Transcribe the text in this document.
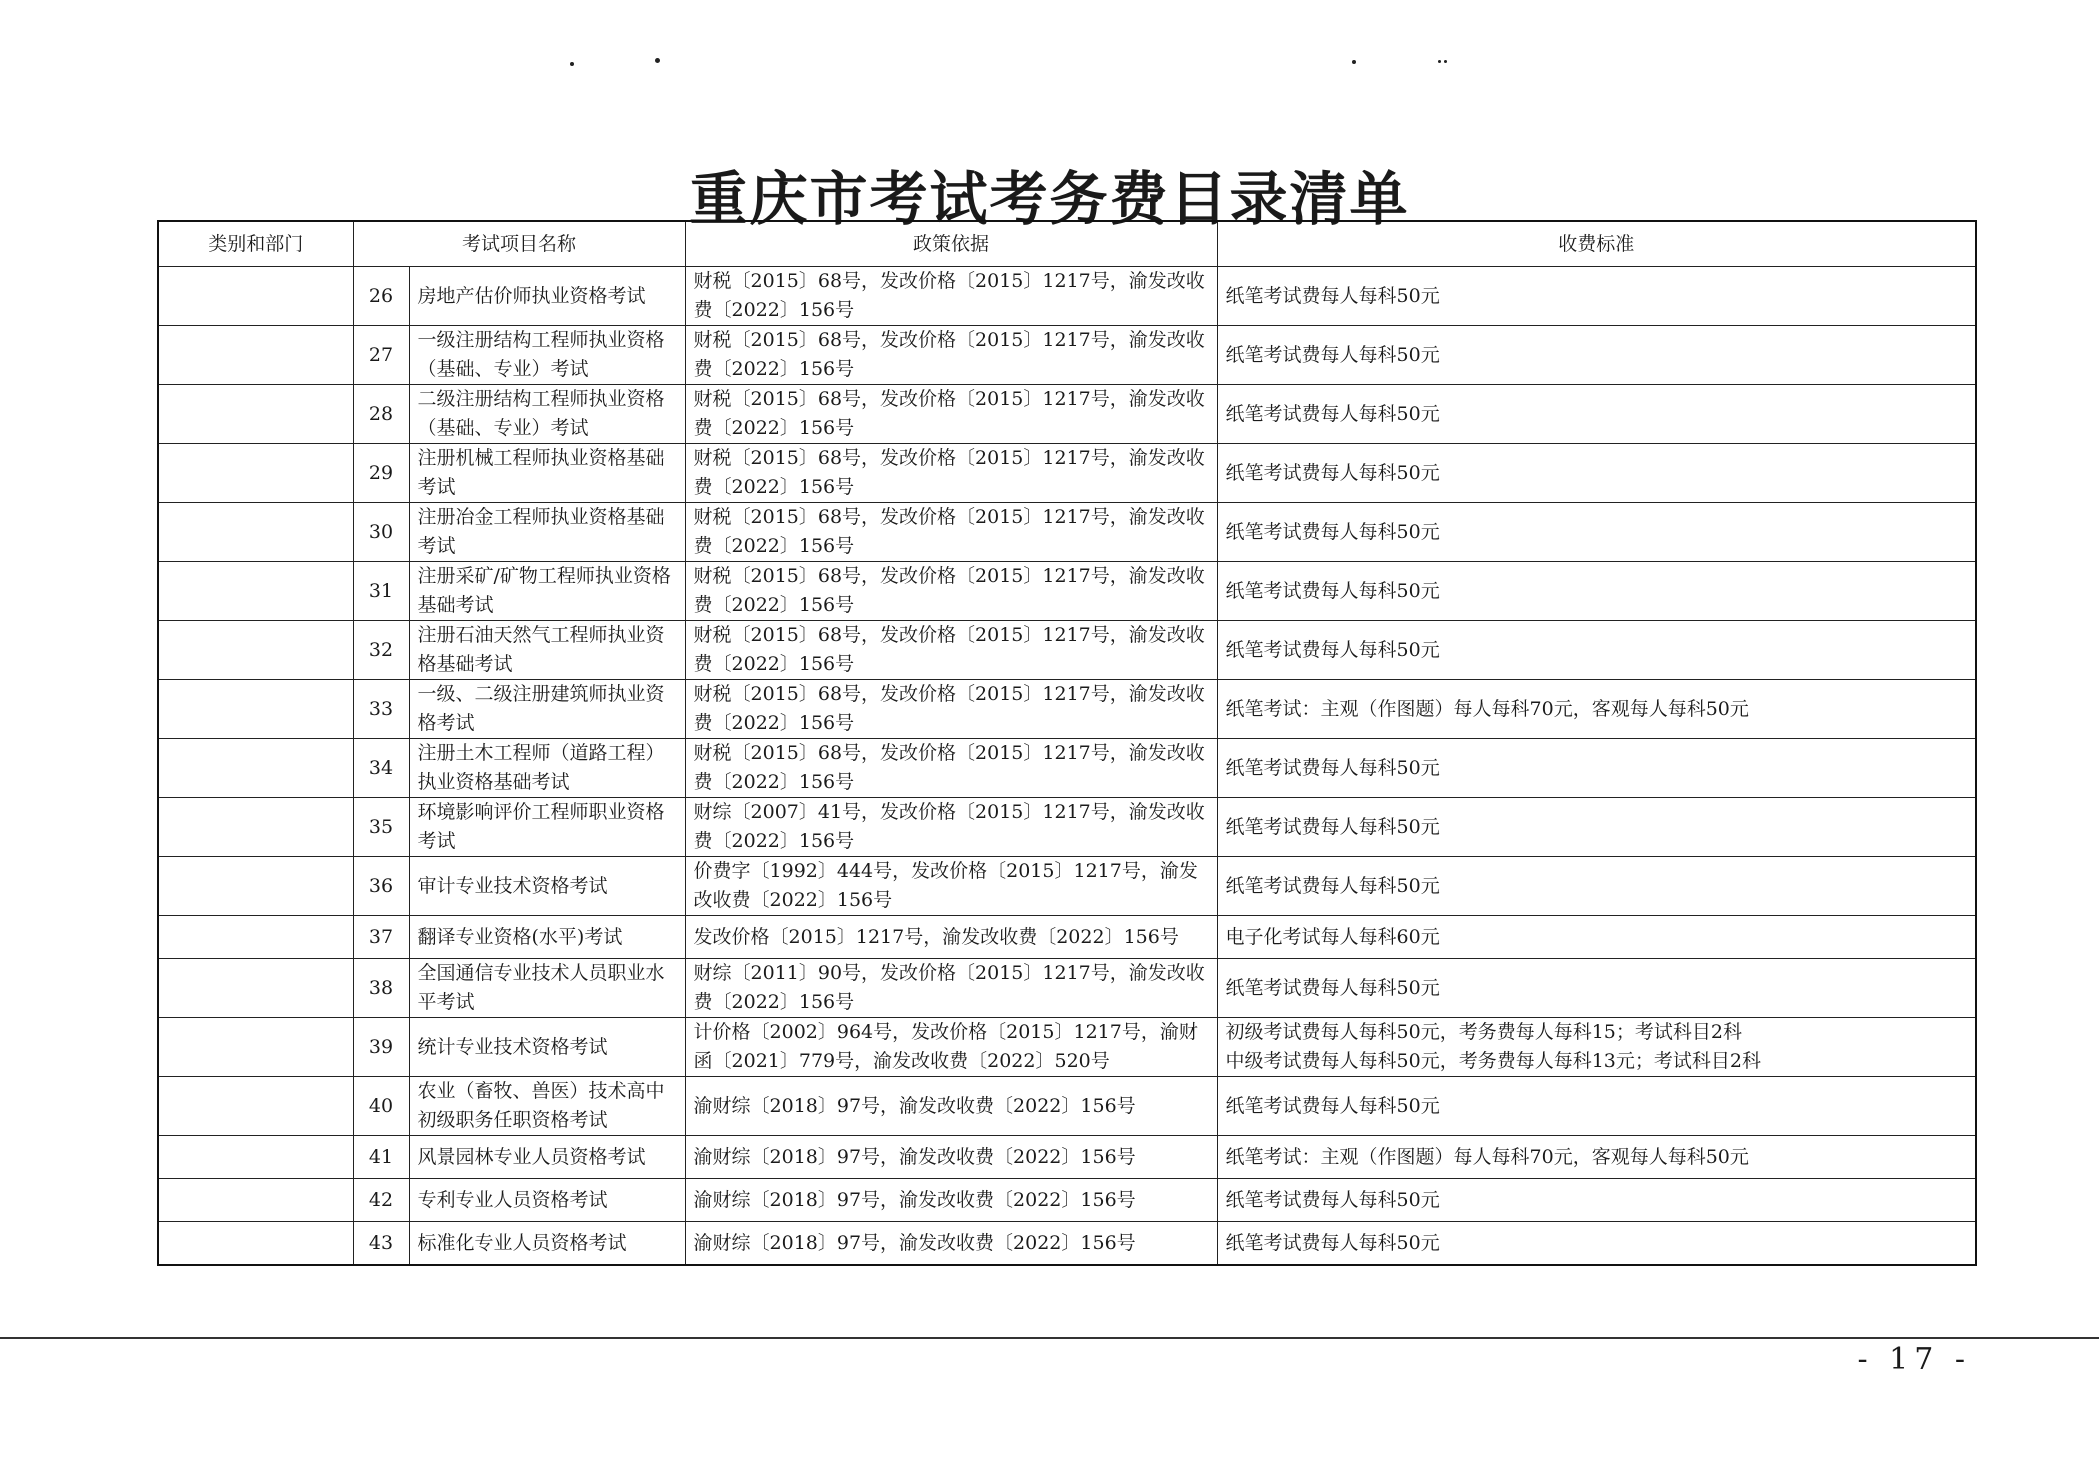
重庆市考试考务费目录清单
类别和部门	考试项目名称		政策依据	收费标准
	26	房地产估价师执业资格考试	财税〔2015〕68号，发改价格〔2015〕1217号，渝发改收费〔2022〕156号	纸笔考试费每人每科50元
	27	一级注册结构工程师执业资格（基础、专业）考试	财税〔2015〕68号，发改价格〔2015〕1217号，渝发改收费〔2022〕156号	纸笔考试费每人每科50元
	28	二级注册结构工程师执业资格（基础、专业）考试	财税〔2015〕68号，发改价格〔2015〕1217号，渝发改收费〔2022〕156号	纸笔考试费每人每科50元
	29	注册机械工程师执业资格基础考试	财税〔2015〕68号，发改价格〔2015〕1217号，渝发改收费〔2022〕156号	纸笔考试费每人每科50元
	30	注册冶金工程师执业资格基础考试	财税〔2015〕68号，发改价格〔2015〕1217号，渝发改收费〔2022〕156号	纸笔考试费每人每科50元
	31	注册采矿/矿物工程师执业资格基础考试	财税〔2015〕68号，发改价格〔2015〕1217号，渝发改收费〔2022〕156号	纸笔考试费每人每科50元
	32	注册石油天然气工程师执业资格基础考试	财税〔2015〕68号，发改价格〔2015〕1217号，渝发改收费〔2022〕156号	纸笔考试费每人每科50元
	33	一级、二级注册建筑师执业资格考试	财税〔2015〕68号，发改价格〔2015〕1217号，渝发改收费〔2022〕156号	纸笔考试：主观（作图题）每人每科70元，客观每人每科50元
	34	注册土木工程师（道路工程）执业资格基础考试	财税〔2015〕68号，发改价格〔2015〕1217号，渝发改收费〔2022〕156号	纸笔考试费每人每科50元
	35	环境影响评价工程师职业资格考试	财综〔2007〕41号，发改价格〔2015〕1217号，渝发改收费〔2022〕156号	纸笔考试费每人每科50元
	36	审计专业技术资格考试	价费字〔1992〕444号，发改价格〔2015〕1217号，渝发改收费〔2022〕156号	纸笔考试费每人每科50元
	37	翻译专业资格(水平)考试	发改价格〔2015〕1217号，渝发改收费〔2022〕156号	电子化考试每人每科60元
	38	全国通信专业技术人员职业水平考试	财综〔2011〕90号，发改价格〔2015〕1217号，渝发改收费〔2022〕156号	纸笔考试费每人每科50元
	39	统计专业技术资格考试	计价格〔2002〕964号，发改价格〔2015〕1217号，渝财函〔2021〕779号，渝发改收费〔2022〕520号	初级考试费每人每科50元，考务费每人每科15；考试科目2科
中级考试费每人每科50元，考务费每人每科13元；考试科目2科

	40	农业（畜牧、兽医）技术高中初级职务任职资格考试	渝财综〔2018〕97号，渝发改收费〔2022〕156号	纸笔考试费每人每科50元
	41	风景园林专业人员资格考试	渝财综〔2018〕97号，渝发改收费〔2022〕156号	纸笔考试：主观（作图题）每人每科70元，客观每人每科50元
	42	专利专业人员资格考试	渝财综〔2018〕97号，渝发改收费〔2022〕156号	纸笔考试费每人每科50元
	43	标准化专业人员资格考试	渝财综〔2018〕97号，渝发改收费〔2022〕156号	纸笔考试费每人每科50元
- 17 -
